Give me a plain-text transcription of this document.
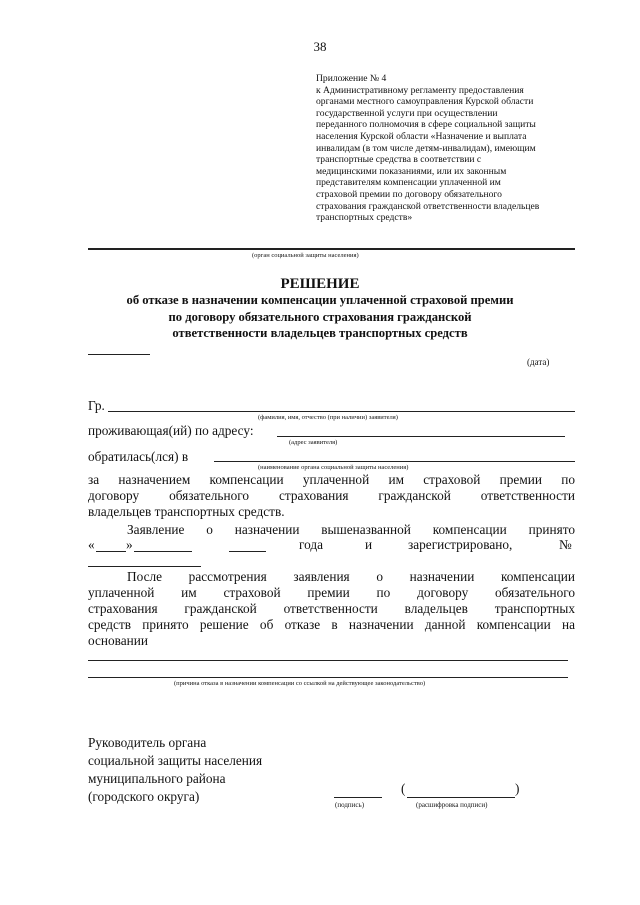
38
Приложение № 4
к Административному регламенту предоставления
органами местного самоуправления Курской области
государственной услуги при осуществлении
переданного полномочия в сфере социальной защиты
населения Курской области «Назначение и выплата
инвалидам (в том числе детям-инвалидам), имеющим
транспортные средства в соответствии с
медицинскими показаниями, или их законным
представителям компенсации уплаченной им
страховой премии по договору обязательного
страхования гражданской ответственности владельцев
транспортных средств»
(орган социальной защиты населения)
РЕШЕНИЕ
об отказе в назначении компенсации уплаченной страховой премии
по договору обязательного страхования гражданской
ответственности владельцев транспортных средств
(дата)
Гр.
(фамилия, имя, отчество (при наличии) заявителя)
проживающая(ий) по адресу:
(адрес заявителя)
обратилась(лся) в
(наименование органа социальной защиты населения)
за назначением компенсации уплаченной им страховой премии по
договору обязательного страхования гражданской ответственности
владельцев транспортных средств.
Заявление о назначении вышеназванной компенсации принято
« »	года	и	зарегистрировано,	№
После рассмотрения заявления о назначении компенсации
уплаченной им страховой премии по договору обязательного
страхования гражданской ответственности владельцев транспортных
средств принято решение об отказе в назначении данной компенсации на
основании
(причина отказа в назначении компенсации со ссылкой на действующее законодательство)
Руководитель органа
социальной защиты населения
муниципального района
(городского округа)
(подпись)
(	)
(расшифровка подписи)
